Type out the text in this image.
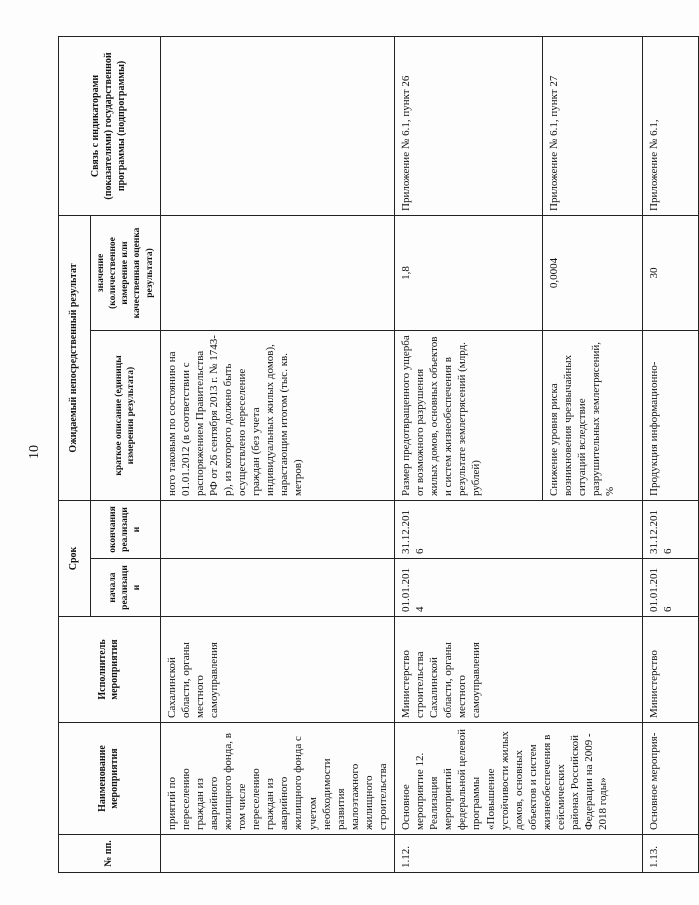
10
№ пп.	Наименование мероприятия	Исполнитель мероприятия	Срок		Ожидаемый непосредственный результат		Связь с индикаторами (показателями) государственной программы (подпрограммы)
			начала реализации	окончания реализации	краткое описание (единицы измерения результата)	значение (количественное измерение или качественная оценка результата)	
	приятий по переселению граждан из аварийного жилищного фонда, в том числе переселению граждан из аварийного жилищного фонда с учетом необходимости развития малоэтажного жилищного строительства	Сахалинской области, органы местного самоуправления			ного таковым по состоянию на 01.01.2012 (в соответствии с распоряжением Правительства РФ от 26 сентября 2013 г. № 1743-р), из которого должно быть осуществлено переселение граждан (без учета индивидуальных жилых домов), нарастающим итогом (тыс. кв. метров)		
1.12.	Основное мероприятие 12. Реализация мероприятий федеральной целевой программы «Повышение устойчивости жилых домов, основных объектов и систем жизнеобеспечения в сейсмических районах Российской Федерации на 2009 - 2018 годы»	Министерство строительства Сахалинской области, органы местного самоуправления	01.01.2014	31.12.2016	Размер предотвращенного ущерба от возможного разрушения жилых домов, основных объектов и систем жизнеобеспечения в результате землетрясений (млрд. рублей)	1,8	Приложение № 6.1, пункт 26
					Снижение уровня риска возникновения чрезвычайных ситуаций вследствие разрушительных землетрясений, %	0,0004	Приложение № 6.1, пункт 27
1.13.	Основное мероприя-	Министерство	01.01.2016	31.12.2016	Продукция информационно-	30	Приложение № 6.1,
